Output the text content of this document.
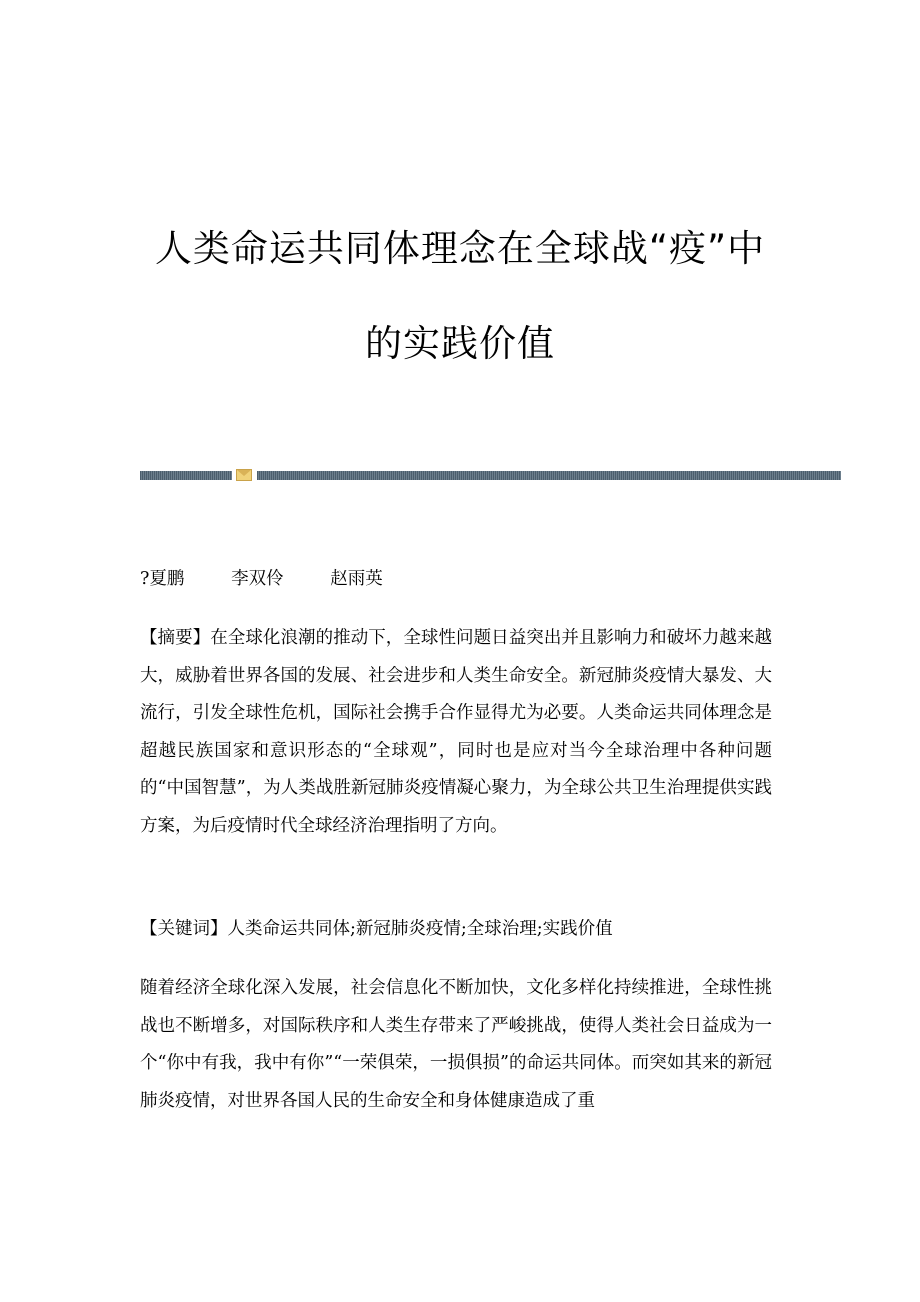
人类命运共同体理念在全球战“疫”中
的实践价值

?夏鹏   李双伶   赵雨英

【摘要】在全球化浪潮的推动下，全球性问题日益突出并且影响力和破坏力越来越大，威胁着世界各国的发展、社会进步和人类生命安全。新冠肺炎疫情大暴发、大流行，引发全球性危机，国际社会携手合作显得尤为必要。人类命运共同体理念是超越民族国家和意识形态的“全球观”，同时也是应对当今全球治理中各种问题的“中国智慧”，为人类战胜新冠肺炎疫情凝心聚力，为全球公共卫生治理提供实践方案，为后疫情时代全球经济治理指明了方向。

【关键词】人类命运共同体;新冠肺炎疫情;全球治理;实践价值

随着经济全球化深入发展，社会信息化不断加快，文化多样化持续推进，全球性挑战也不断增多，对国际秩序和人类生存带来了严峻挑战，使得人类社会日益成为一个“你中有我，我中有你”“一荣俱荣，一损俱损”的命运共同体。而突如其来的新冠肺炎疫情，对世界各国人民的生命安全和身体健康造成了重
